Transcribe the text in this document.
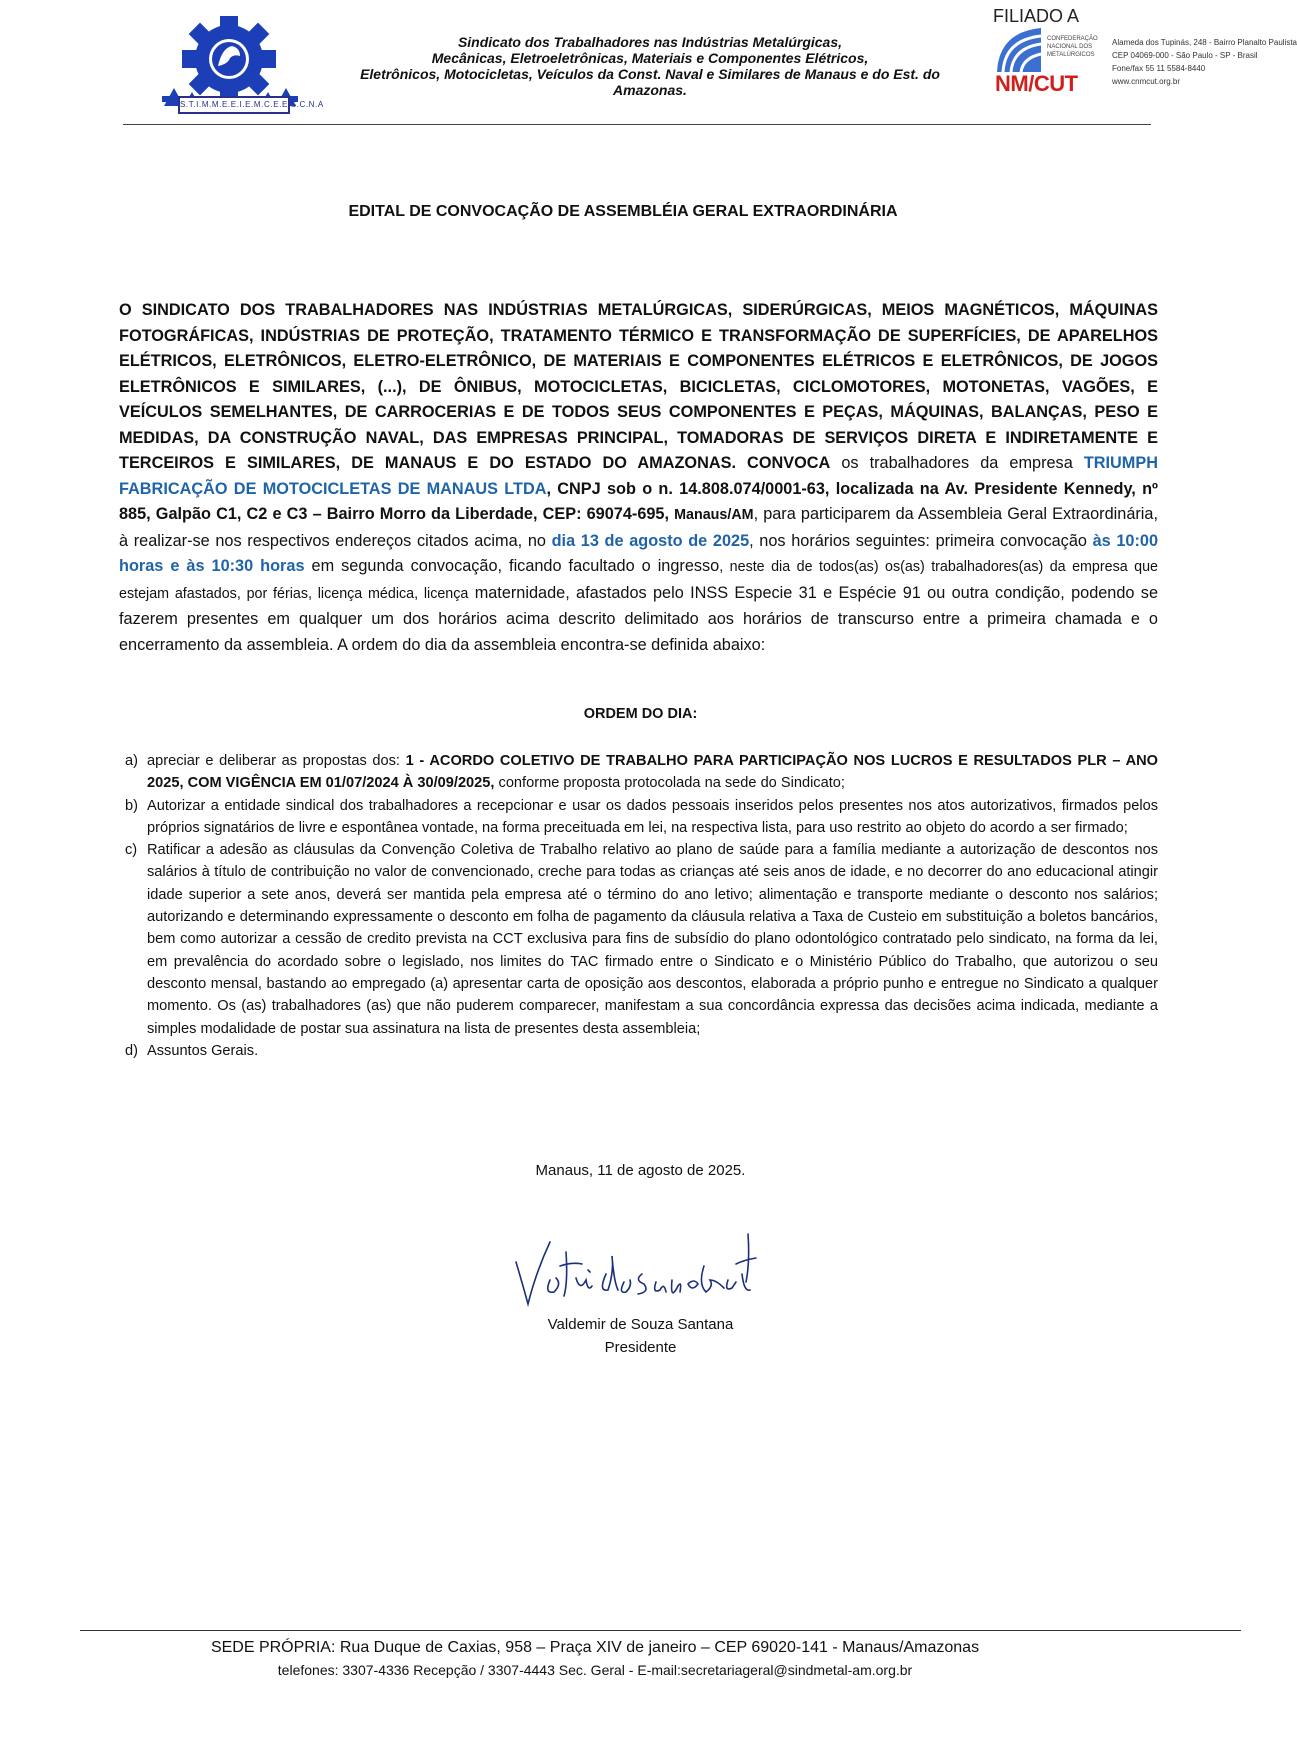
S.T.I.M.M.E.E.I.E.M.C.E.E.S.C.N.A
Sindicato dos Trabalhadores nas Indústrias Metalúrgicas,
Mecânicas, Eletroeletrônicas, Materiais e Componentes Elétricos,
Eletrônicos, Motocicletas, Veículos da Const. Naval e Similares de Manaus e do Est. do
Amazonas.
FILIADO A
CONFEDERAÇÃO
NACIONAL DOS
METALÚRGICOS
NM/CUT
Alameda dos Tupinás, 248 - Bairro Planalto Paulista
CEP 04069-000 - São Paulo - SP - Brasil
Fone/fax 55 11 5584-8440
www.cnmcut.org.br
EDITAL DE CONVOCAÇÃO DE ASSEMBLÉIA GERAL EXTRAORDINÁRIA
O SINDICATO DOS TRABALHADORES NAS INDÚSTRIAS METALÚRGICAS, SIDERÚRGICAS, MEIOS MAGNÉTICOS, MÁQUINAS FOTOGRÁFICAS, INDÚSTRIAS DE PROTEÇÃO, TRATAMENTO TÉRMICO E TRANSFORMAÇÃO DE SUPERFÍCIES, DE APARELHOS ELÉTRICOS, ELETRÔNICOS, ELETRO-ELETRÔNICO, DE MATERIAIS E COMPONENTES ELÉTRICOS E ELETRÔNICOS, DE JOGOS ELETRÔNICOS E SIMILARES, (...), DE ÔNIBUS, MOTOCICLETAS, BICICLETAS, CICLOMOTORES, MOTONETAS, VAGÕES, E VEÍCULOS SEMELHANTES, DE CARROCERIAS E DE TODOS SEUS COMPONENTES E PEÇAS, MÁQUINAS, BALANÇAS, PESO E MEDIDAS, DA CONSTRUÇÃO NAVAL, DAS EMPRESAS PRINCIPAL, TOMADORAS DE SERVIÇOS DIRETA E INDIRETAMENTE E TERCEIROS E SIMILARES, DE MANAUS E DO ESTADO DO AMAZONAS. CONVOCA os trabalhadores da empresa TRIUMPH FABRICAÇÃO DE MOTOCICLETAS DE MANAUS LTDA, CNPJ sob o n. 14.808.074/0001-63, localizada na Av. Presidente Kennedy, nº 885, Galpão C1, C2 e C3 – Bairro Morro da Liberdade, CEP: 69074-695, Manaus/AM, para participarem da Assembleia Geral Extraordinária, à realizar-se nos respectivos endereços citados acima, no dia 13 de agosto de 2025, nos horários seguintes: primeira convocação às 10:00 horas e às 10:30 horas em segunda convocação, ficando facultado o ingresso, neste dia de todos(as) os(as) trabalhadores(as) da empresa que estejam afastados, por férias, licença médica, licença maternidade, afastados pelo INSS Especie 31 e Espécie 91 ou outra condição, podendo se fazerem presentes em qualquer um dos horários acima descrito delimitado aos horários de transcurso entre a primeira chamada e o encerramento da assembleia. A ordem do dia da assembleia encontra-se definida abaixo:
ORDEM DO DIA:
a) apreciar e deliberar as propostas dos: 1 - ACORDO COLETIVO DE TRABALHO PARA PARTICIPAÇÃO NOS LUCROS E RESULTADOS PLR – ANO 2025, COM VIGÊNCIA EM 01/07/2024 À 30/09/2025, conforme proposta protocolada na sede do Sindicato;
b) Autorizar a entidade sindical dos trabalhadores a recepcionar e usar os dados pessoais inseridos pelos presentes nos atos autorizativos, firmados pelos próprios signatários de livre e espontânea vontade, na forma preceituada em lei, na respectiva lista, para uso restrito ao objeto do acordo a ser firmado;
c) Ratificar a adesão as cláusulas da Convenção Coletiva de Trabalho relativo ao plano de saúde para a família mediante a autorização de descontos nos salários à título de contribuição no valor de convencionado, creche para todas as crianças até seis anos de idade, e no decorrer do ano educacional atingir idade superior a sete anos, deverá ser mantida pela empresa até o término do ano letivo; alimentação e transporte mediante o desconto nos salários; autorizando e determinando expressamente o desconto em folha de pagamento da cláusula relativa a Taxa de Custeio em substituição a boletos bancários, bem como autorizar a cessão de credito prevista na CCT exclusiva para fins de subsídio do plano odontológico contratado pelo sindicato, na forma da lei, em prevalência do acordado sobre o legislado, nos limites do TAC firmado entre o Sindicato e o Ministério Público do Trabalho, que autorizou o seu desconto mensal, bastando ao empregado (a) apresentar carta de oposição aos descontos, elaborada a próprio punho e entregue no Sindicato a qualquer momento. Os (as) trabalhadores (as) que não puderem comparecer, manifestam a sua concordância expressa das decisões acima indicada, mediante a simples modalidade de postar sua assinatura na lista de presentes desta assembleia;
d) Assuntos Gerais.
Manaus, 11 de agosto de 2025.
Valdemir de Souza Santana
Presidente
SEDE PRÓPRIA: Rua Duque de Caxias, 958 – Praça XIV de janeiro – CEP 69020-141 - Manaus/Amazonas
telefones: 3307-4336 Recepção / 3307-4443 Sec. Geral - E-mail:secretariageral@sindmetal-am.org.br
